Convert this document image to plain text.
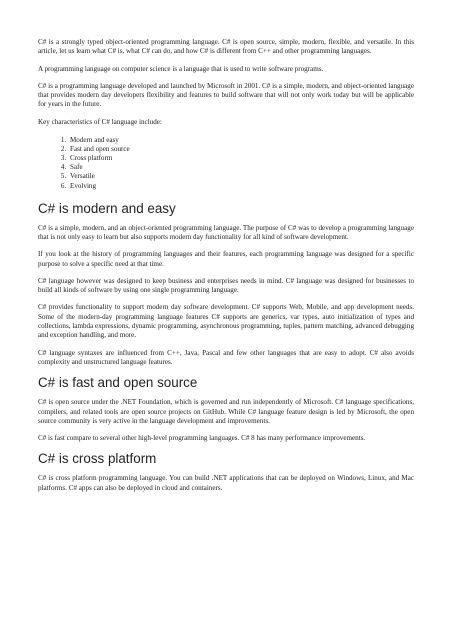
C# is a strongly typed object-oriented programming language. C# is open source, simple, modern, flexible, and versatile. In this article, let us learn what C# is, what C# can do, and how C# is different from C++ and other programming languages.

A programming language on computer science is a language that is used to write software programs.

C# is a programming language developed and launched by Microsoft in 2001. C# is a simple, modern, and object-oriented language that provides modern day developers flexibility and features to build software that will not only work today but will be applicable for years in the future.

Key characteristics of C# language include:

1. Modern and easy
2. Fast and open source
3. Cross platform
4. Safe
5. Versatile
6. Evolving
C# is modern and easy

C# is a simple, modern, and an object-oriented programming language. The purpose of C# was to develop a programming language that is not only easy to learn but also supports modern day functionality for all kind of software development.

If you look at the history of programming languages and their features, each programming language was designed for a specific purpose to solve a specific need at that time.

C# language however was designed to keep business and enterprises needs in mind. C# language was designed for businesses to build all kinds of software by using one single programming language.

C# provides functionality to support modern day software development. C# supports Web, Mobile, and app development needs. Some of the modern-day programming language features C# supports are generics, var types, auto initialization of types and collections, lambda expressions, dynamic programming, asynchronous programming, tuples, pattern matching, advanced debugging and exception handling, and more.

C# language syntaxes are influenced from C++, Java, Pascal and few other languages that are easy to adopt. C# also avoids complexity and unstructured language features.

C# is fast and open source

C# is open source under the .NET Foundation, which is governed and run independently of Microsoft. C# language specifications, compilers, and related tools are open source projects on GitHub. While C# language feature design is led by Microsoft, the open source community is very active in the language development and improvements.

C# is fast compare to several other high-level programming languages. C# 8 has many performance improvements.

C# is cross platform

C# is cross platform programming language. You can build .NET applications that can be deployed on Windows, Linux, and Mac platforms. C# apps can also be deployed in cloud and containers.
